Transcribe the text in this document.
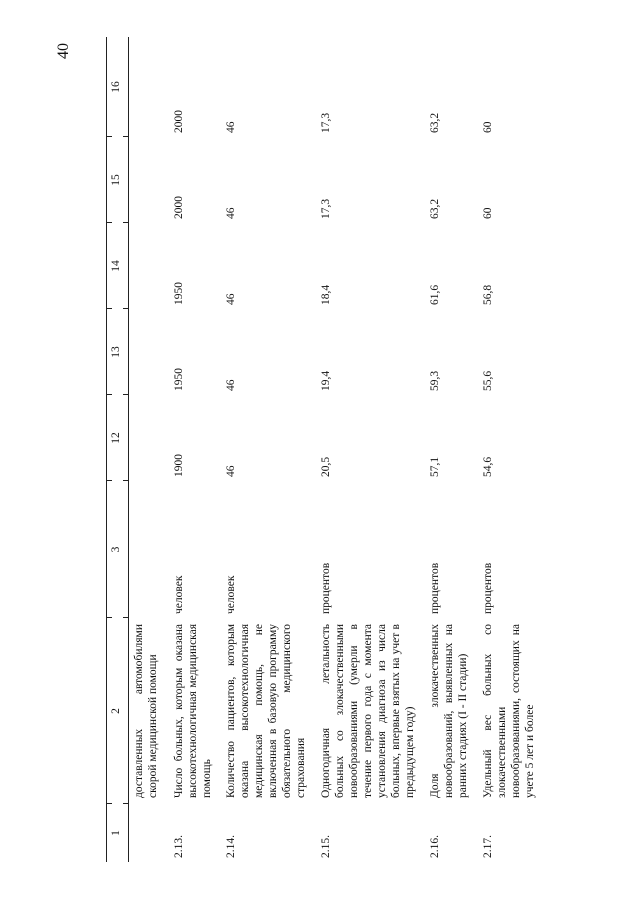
40
1	2	3	12	13	14	15	16
	доставленных автомобилями скорой медицинской помощи						
2.13.	Число больных, которым оказана высокотехнологичная медицинская помощь	человек	1900	1950	1950	2000	2000
2.14.	Количество пациентов, которым оказана высокотехнологичная медицинская помощь, не включенная в базовую программу обязательного медицинского страхования	человек	46	46	46	46	46
2.15.	Одногодичная летальность больных со злокачественными новообразованиями (умерли в течение первого года с момента установления диагноза из числа больных, впервые взятых на учет в предыдущем году)	процентов	20,5	19,4	18,4	17,3	17,3
2.16.	Доля злокачественных новообразований, выявленных на ранних стадиях (I - II стадии)	процентов	57,1	59,3	61,6	63,2	63,2
2.17.	Удельный вес больных со злокачественными новообразованиями, состоящих на учете 5 лет и более	процентов	54,6	55,6	56,8	60	60
